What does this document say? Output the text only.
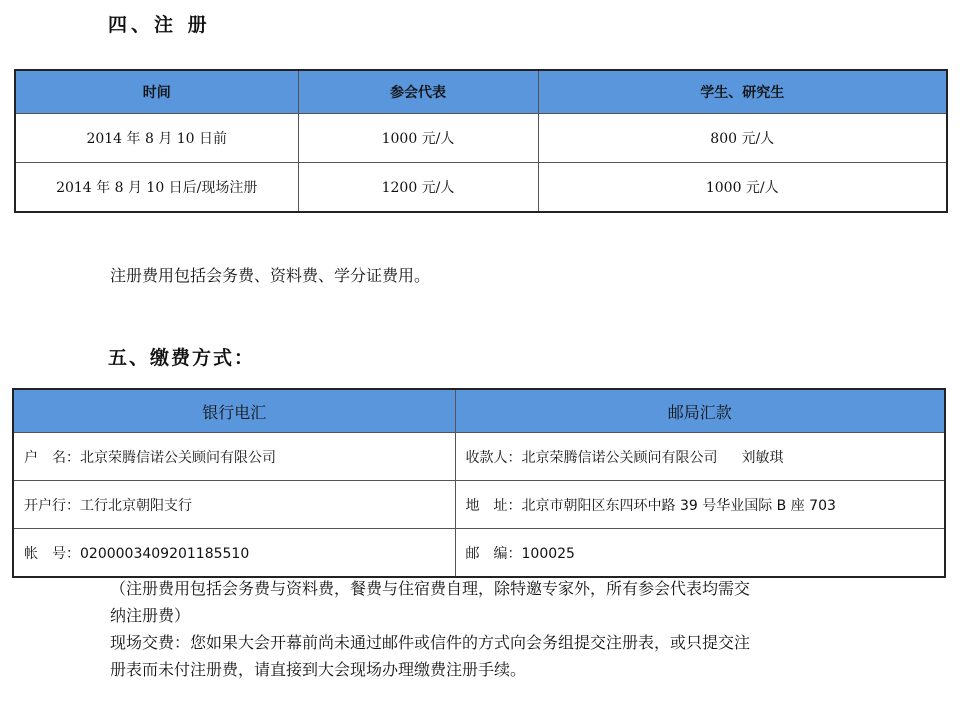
四、注 册
时间	参会代表	学生、研究生
2014 年 8 月 10 日前	1000 元/人	800 元/人
2014 年 8 月 10 日后/现场注册	1200 元/人	1000 元/人

注册费用包括会务费、资料费、学分证费用。

五、缴费方式：
银行电汇	邮局汇款
户　名：北京荣腾信诺公关顾问有限公司	收款人：北京荣腾信诺公关顾问有限公司 刘敏琪
开户行：工行北京朝阳支行	地　址：北京市朝阳区东四环中路 39 号华业国际 B 座 703
帐　号：0200003409201185510	邮　编：100025

（注册费用包括会务费与资料费，餐费与住宿费自理，除特邀专家外，所有参会代表均需交

纳注册费）

现场交费：您如果大会开幕前尚未通过邮件或信件的方式向会务组提交注册表，或只提交注

册表而未付注册费，请直接到大会现场办理缴费注册手续。
